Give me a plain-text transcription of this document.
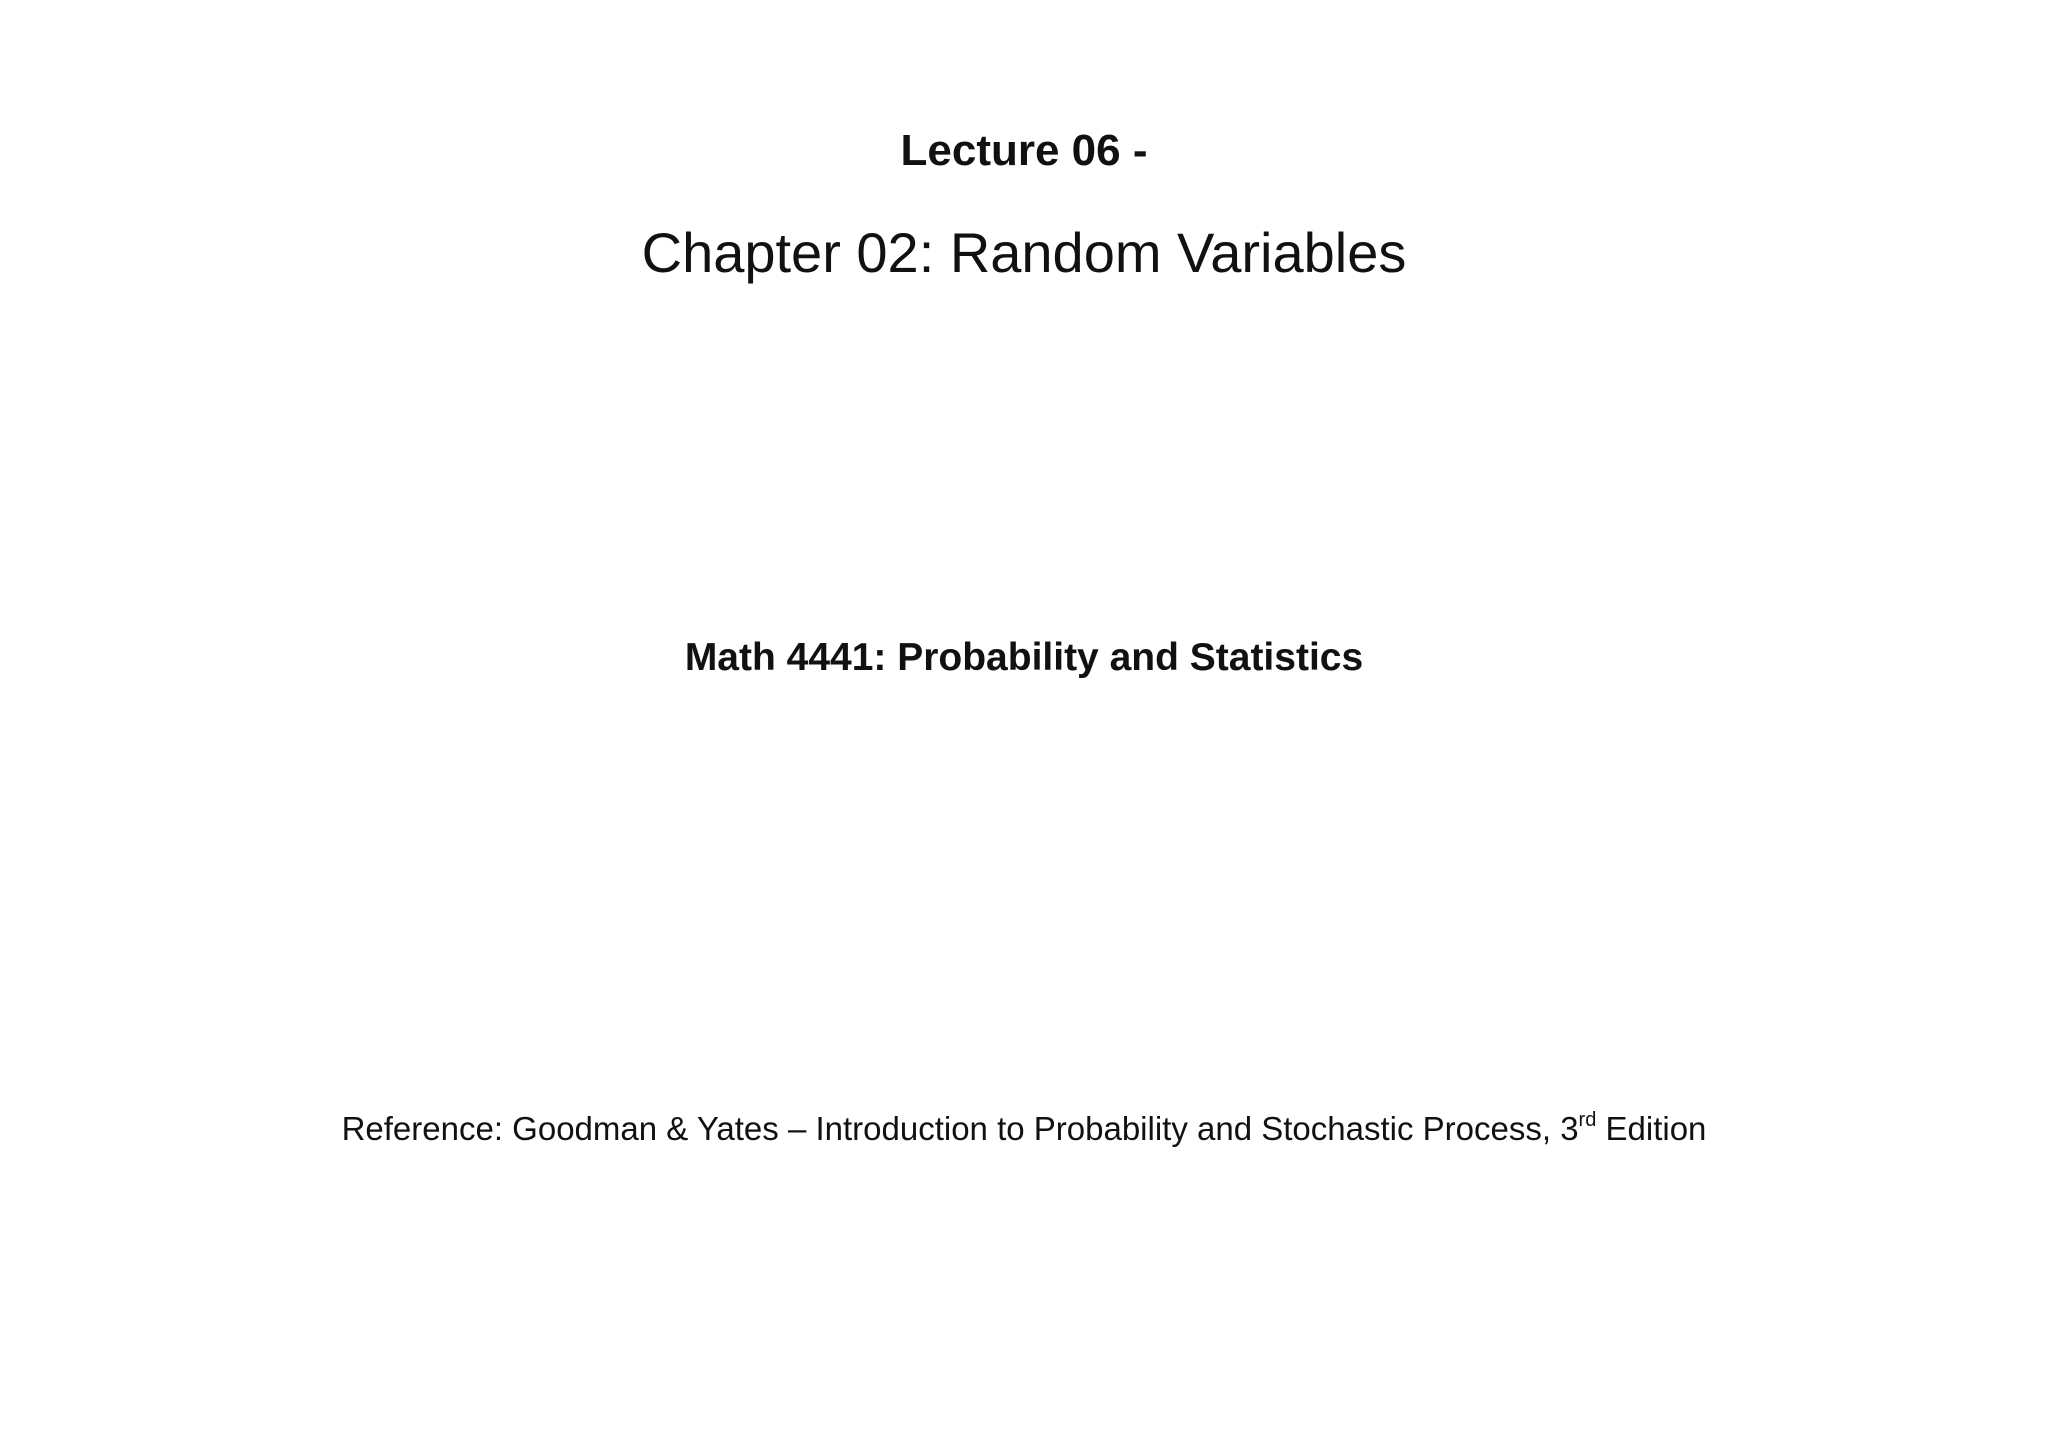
Lecture 06 -
Chapter 02: Random Variables
Math 4441: Probability and Statistics
Reference: Goodman & Yates – Introduction to Probability and Stochastic Process, 3rd Edition
